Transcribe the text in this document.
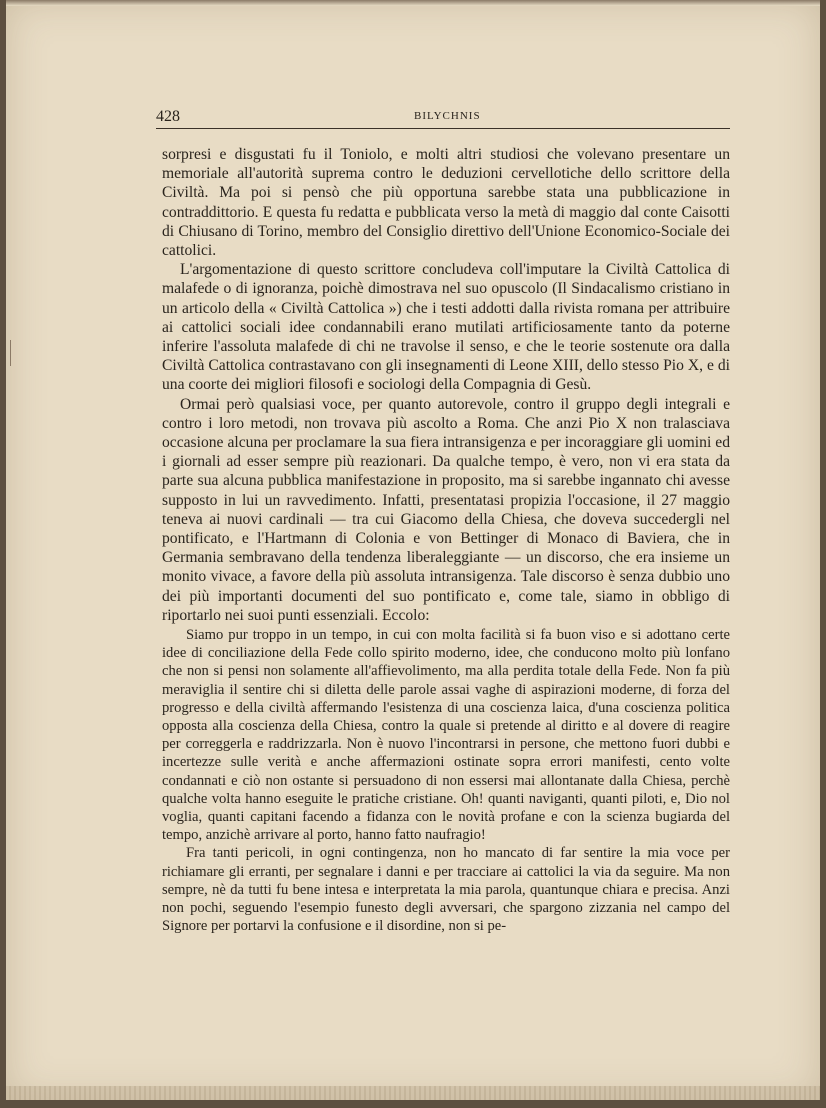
428	BILYCHNIS

sorpresi e disgustati fu il Toniolo, e molti altri studiosi che volevano presentare un memoriale all'autorità suprema contro le deduzioni cervellotiche dello scrittore della Civiltà. Ma poi si pensò che più opportuna sarebbe stata una pubblicazione in contraddittorio. E questa fu redatta e pubblicata verso la metà di maggio dal conte Caisotti di Chiusano di Torino, membro del Consiglio direttivo dell'Unione Economico-Sociale dei cattolici.

L'argomentazione di questo scrittore concludeva coll'imputare la Civiltà Cattolica di malafede o di ignoranza, poichè dimostrava nel suo opuscolo (Il Sindacalismo cristiano in un articolo della « Civiltà Cattolica ») che i testi addotti dalla rivista romana per attribuire ai cattolici sociali idee condannabili erano mutilati artificiosamente tanto da poterne inferire l'assoluta malafede di chi ne travolse il senso, e che le teorie sostenute ora dalla Civiltà Cattolica contrastavano con gli insegnamenti di Leone XIII, dello stesso Pio X, e di una coorte dei migliori filosofi e sociologi della Compagnia di Gesù.

Ormai però qualsiasi voce, per quanto autorevole, contro il gruppo degli integrali e contro i loro metodi, non trovava più ascolto a Roma. Che anzi Pio X non tralasciava occasione alcuna per proclamare la sua fiera intransigenza e per incoraggiare gli uomini ed i giornali ad esser sempre più reazionari. Da qualche tempo, è vero, non vi era stata da parte sua alcuna pubblica manifestazione in proposito, ma si sarebbe ingannato chi avesse supposto in lui un ravvedimento. Infatti, presentatasi propizia l'occasione, il 27 maggio teneva ai nuovi cardinali — tra cui Giacomo della Chiesa, che doveva succedergli nel pontificato, e l'Hartmann di Colonia e von Bettinger di Monaco di Baviera, che in Germania sembravano della tendenza liberaleggiante — un discorso, che era insieme un monito vivace, a favore della più assoluta intransigenza. Tale discorso è senza dubbio uno dei più importanti documenti del suo pontificato e, come tale, siamo in obbligo di riportarlo nei suoi punti essenziali. Eccolo:

Siamo pur troppo in un tempo, in cui con molta facilità si fa buon viso e si adottano certe idee di conciliazione della Fede collo spirito moderno, idee, che conducono molto più lonfano che non si pensi non solamente all'affievolimento, ma alla perdita totale della Fede. Non fa più meraviglia il sentire chi si diletta delle parole assai vaghe di aspirazioni moderne, di forza del progresso e della civiltà affermando l'esistenza di una coscienza laica, d'una coscienza politica opposta alla coscienza della Chiesa, contro la quale si pretende al diritto e al dovere di reagire per correggerla e raddrizzarla. Non è nuovo l'incontrarsi in persone, che mettono fuori dubbi e incertezze sulle verità e anche affermazioni ostinate sopra errori manifesti, cento volte condannati e ciò non ostante si persuadono di non essersi mai allontanate dalla Chiesa, perchè qualche volta hanno eseguite le pratiche cristiane. Oh! quanti naviganti, quanti piloti, e, Dio nol voglia, quanti capitani facendo a fidanza con le novità profane e con la scienza bugiarda del tempo, anzichè arrivare al porto, hanno fatto naufragio!

Fra tanti pericoli, in ogni contingenza, non ho mancato di far sentire la mia voce per richiamare gli erranti, per segnalare i danni e per tracciare ai cattolici la via da seguire. Ma non sempre, nè da tutti fu bene intesa e interpretata la mia parola, quantunque chiara e precisa. Anzi non pochi, seguendo l'esempio funesto degli avversari, che spargono zizzania nel campo del Signore per portarvi la confusione e il disordine, non si pe-
